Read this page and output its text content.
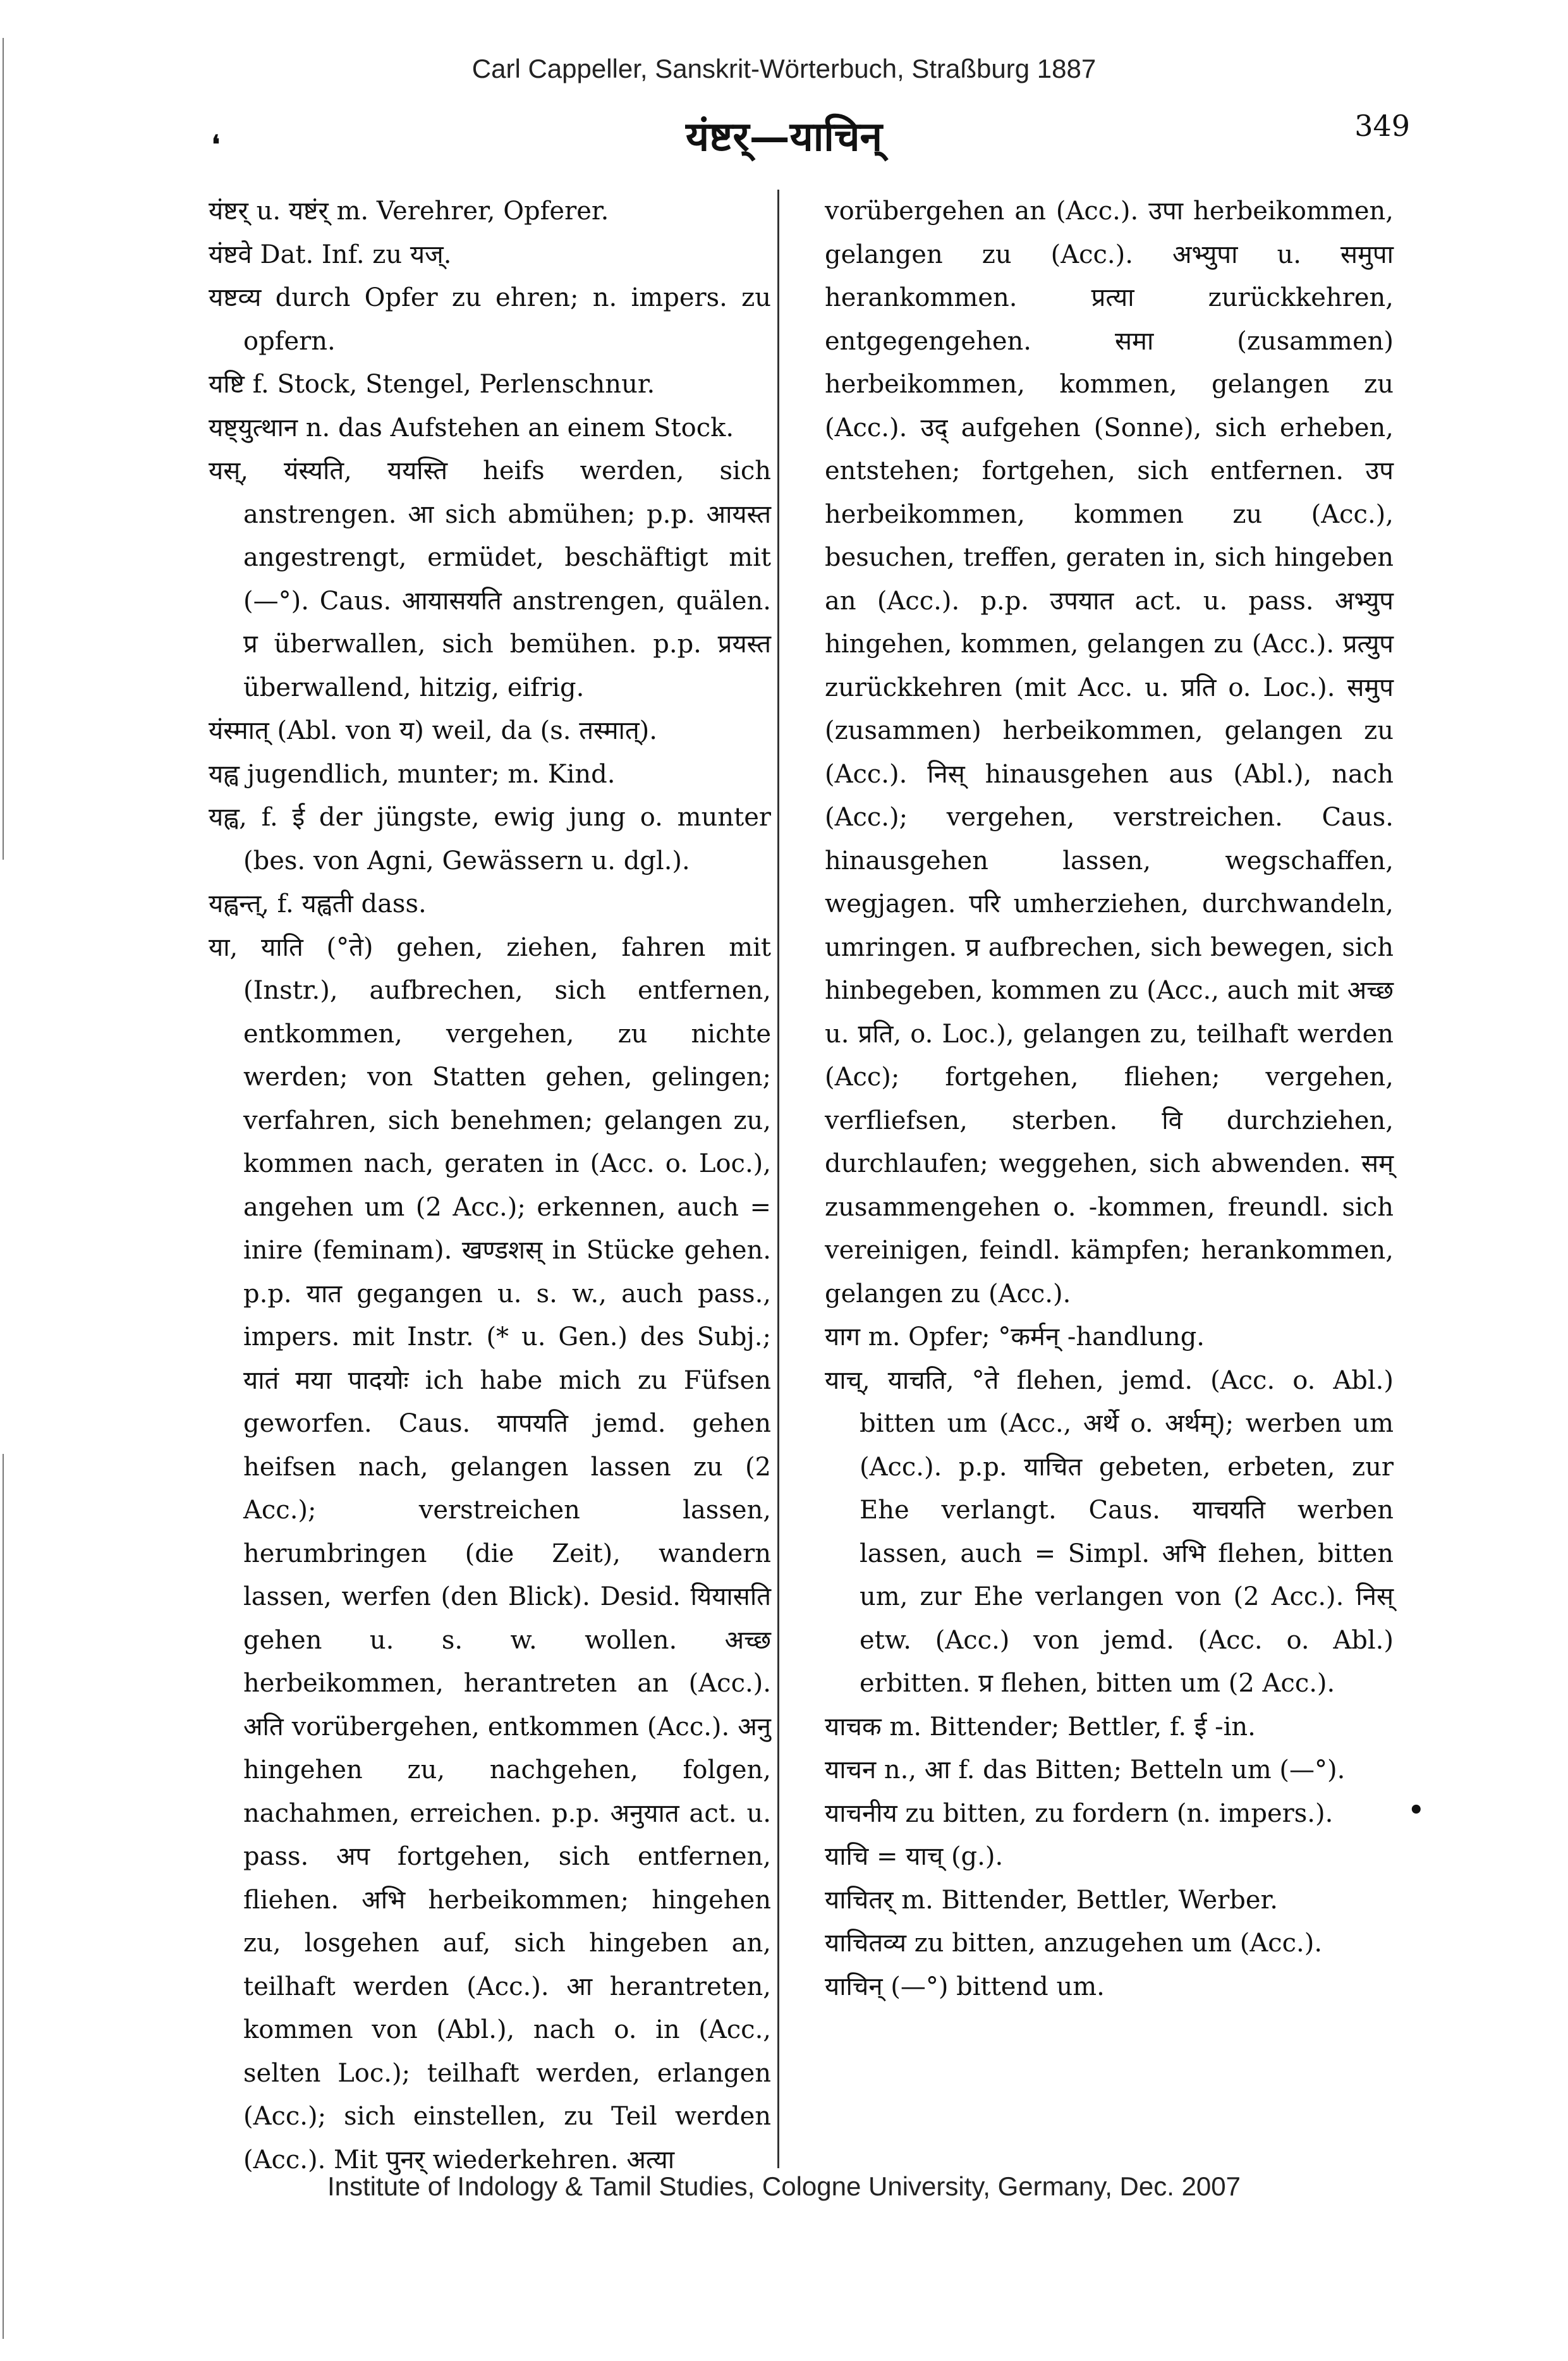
Carl Cappeller, Sanskrit-Wörterbuch, Straßburg 1887
❛	यंष्टर्—याचिन्	349
यंष्टर् u. यष्टंर् m. Verehrer, Opferer.
यंष्टवे Dat. Inf. zu यज्.
यष्टव्य durch Opfer zu ehren; n. impers. zu opfern.
यष्टि f. Stock, Stengel, Perlenschnur.
यष्ट्युत्थान n. das Aufstehen an einem Stock.
यस्, यंस्यति, ययस्ति heifs werden, sich anstrengen. आ sich abmühen; p.p. आयस्त angestrengt, ermüdet, beschäftigt mit (—°). Caus. आयासयति anstrengen, quälen. प्र überwallen, sich bemühen. p.p. प्रयस्त überwallend, hitzig, eifrig.
यंस्मात् (Abl. von य) weil, da (s. तस्मात्).
यह्व jugendlich, munter; m. Kind.
यह्व, f. ई der jüngste, ewig jung o. munter (bes. von Agni, Gewässern u. dgl.).
यह्वन्त्, f. यह्वती dass.
या, याति (°ते) gehen, ziehen, fahren mit (Instr.), aufbrechen, sich entfernen, entkommen, vergehen, zu nichte werden; von Statten gehen, gelingen; verfahren, sich benehmen; gelangen zu, kommen nach, geraten in (Acc. o. Loc.), angehen um (2 Acc.); erkennen, auch = inire (feminam). खण्डशस् in Stücke gehen. p.p. यात gegangen u. s. w., auch pass., impers. mit Instr. (* u. Gen.) des Subj.; यातं मया पादयोः ich habe mich zu Füfsen geworfen. Caus. यापयति jemd. gehen heifsen nach, gelangen lassen zu (2 Acc.); verstreichen lassen, herumbringen (die Zeit), wandern lassen, werfen (den Blick). Desid. यियासति gehen u. s. w. wollen. अच्छ herbeikommen, herantreten an (Acc.). अति vorübergehen, entkommen (Acc.). अनु hingehen zu, nachgehen, folgen, nachahmen, erreichen. p.p. अनुयात act. u. pass. अप fortgehen, sich entfernen, fliehen. अभि herbeikommen; hingehen zu, losgehen auf, sich hingeben an, teilhaft werden (Acc.). आ herantreten, kommen von (Abl.), nach o. in (Acc., selten Loc.); teilhaft werden, erlangen (Acc.); sich einstellen, zu Teil werden (Acc.). Mit पुनर् wiederkehren. अत्या
vorübergehen an (Acc.). उपा herbeikommen, gelangen zu (Acc.). अभ्युपा u. समुपा herankommen. प्रत्या zurückkehren, entgegengehen. समा (zusammen) herbeikommen, kommen, gelangen zu (Acc.). उद् aufgehen (Sonne), sich erheben, entstehen; fortgehen, sich entfernen. उप herbeikommen, kommen zu (Acc.), besuchen, treffen, geraten in, sich hingeben an (Acc.). p.p. उपयात act. u. pass. अभ्युप hingehen, kommen, gelangen zu (Acc.). प्रत्युप zurückkehren (mit Acc. u. प्रति o. Loc.). समुप (zusammen) herbeikommen, gelangen zu (Acc.). निस् hinausgehen aus (Abl.), nach (Acc.); vergehen, verstreichen. Caus. hinausgehen lassen, wegschaffen, wegjagen. परि umherziehen, durchwandeln, umringen. प्र aufbrechen, sich bewegen, sich hinbegeben, kommen zu (Acc., auch mit अच्छ u. प्रति, o. Loc.), gelangen zu, teilhaft werden (Acc); fortgehen, fliehen; vergehen, verfliefsen, sterben. वि durchziehen, durchlaufen; weggehen, sich abwenden. सम् zusammengehen o. -kommen, freundl. sich vereinigen, feindl. kämpfen; herankommen, gelangen zu (Acc.).
याग m. Opfer; °कर्मन् -handlung.
याच्, याचति, °ते flehen, jemd. (Acc. o. Abl.) bitten um (Acc., अर्थे o. अर्थम्); werben um (Acc.). p.p. याचित gebeten, erbeten, zur Ehe verlangt. Caus. याचयति werben lassen, auch = Simpl. अभि flehen, bitten um, zur Ehe verlangen von (2 Acc.). निस् etw. (Acc.) von jemd. (Acc. o. Abl.) erbitten. प्र flehen, bitten um (2 Acc.).
याचक m. Bittender; Bettler, f. ई -in.
याचन n., आ f. das Bitten; Betteln um (—°).
याचनीय zu bitten, zu fordern (n. impers.).
याचि = याच् (g.).
याचितर् m. Bittender, Bettler, Werber.
याचितव्य zu bitten, anzugehen um (Acc.).
याचिन् (—°) bittend um.
•
Institute of Indology & Tamil Studies, Cologne University, Germany, Dec. 2007
